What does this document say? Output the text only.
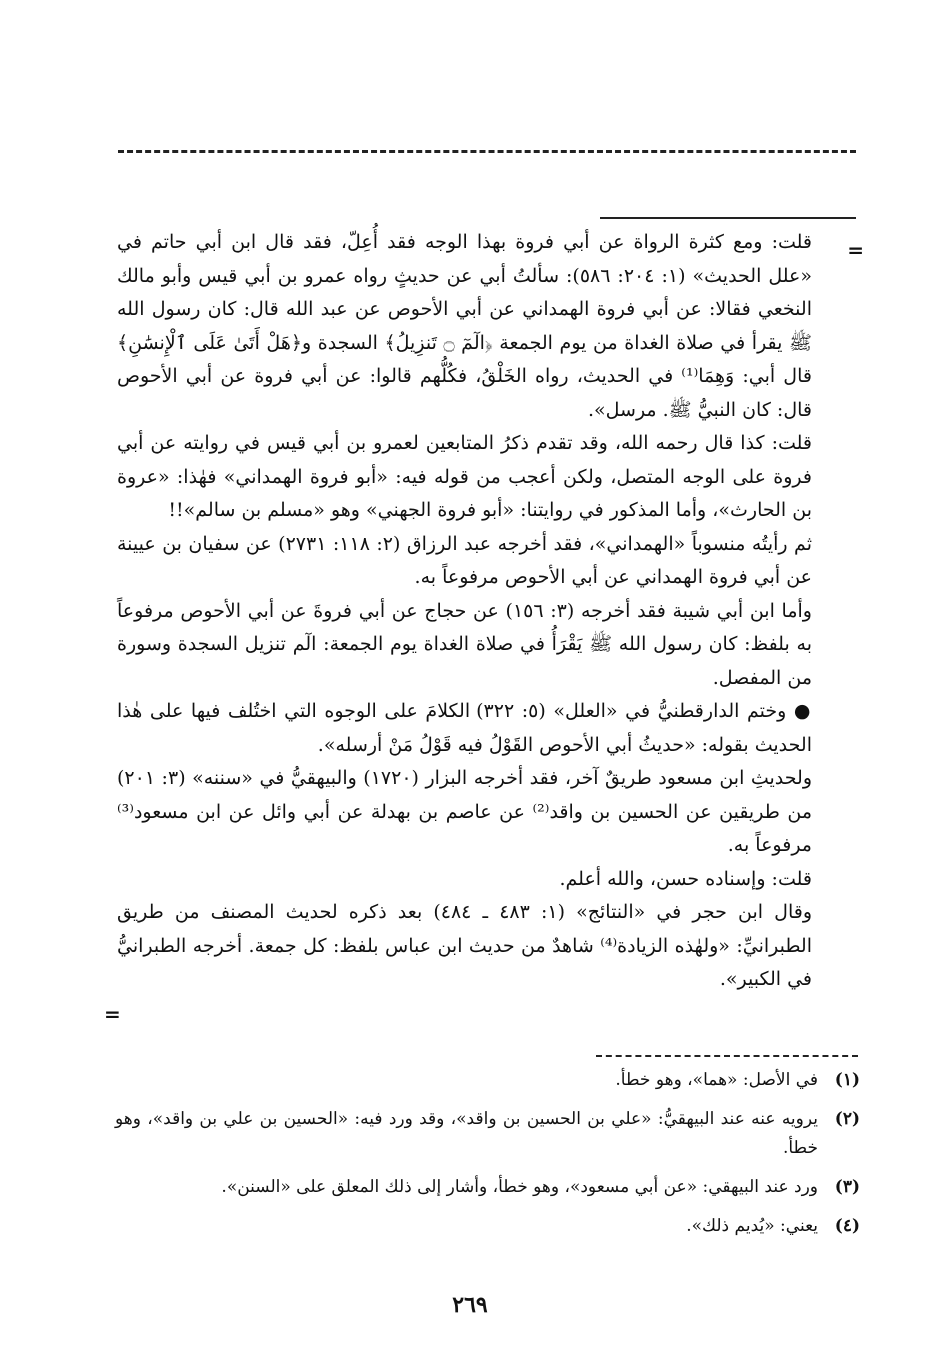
=

قلت: ومع كثرة الرواة عن أبي فروة بهذا الوجه فقد أُعِلّ، فقد قال ابن أبي حاتم في «علل الحديث» (١: ٢٠٤: ٥٨٦): سألتُ أبي عن حديثٍ رواه عمرو بن أبي قيس وأبو مالك النخعي فقالا: عن أبي فروة الهمداني عن أبي الأحوص عن عبد الله قال: كان رسول الله ﷺ يقرأ في صلاة الغداة من يوم الجمعة ﴿الٓمٓ ۝ تَنزِيلُ﴾ السجدة و﴿هَلْ أَتَىٰ عَلَى ٱلْإِنسَٰنِ﴾ قال أبي: وَهِمَا⁽¹⁾ في الحديث، رواه الخَلْقُ، فكُلُّهم قالوا: عن أبي فروة عن أبي الأحوص قال: كان النبيُّ ﷺ. مرسل».

قلت: كذا قال رحمه الله، وقد تقدم ذكرُ المتابعين لعمرو بن أبي قيس في روايته عن أبي فروة على الوجه المتصل، ولكن أعجب من قوله فيه: «أبو فروة الهمداني» فهٰذا: «عروة بن الحارث»، وأما المذكور في روايتنا: «أبو فروة الجهني» وهو «مسلم بن سالم»!!

ثم رأيتُه منسوباً «الهمداني»، فقد أخرجه عبد الرزاق (٢: ١١٨: ٢٧٣١) عن سفيان بن عيينة عن أبي فروة الهمداني عن أبي الأحوص مرفوعاً به.

وأما ابن أبي شيبة فقد أخرجه (٣: ١٥٦) عن حجاج عن أبي فروةَ عن أبي الأحوص مرفوعاً به بلفظ: كان رسول الله ﷺ يَقْرَأُ في صلاة الغداة يوم الجمعة: الٓم تنزيل السجدة وسورة من المفصل.

● وختم الدارقطنيُّ في «العلل» (٥: ٣٢٢) الكلامَ على الوجوه التي اختُلف فيها على هٰذا الحديث بقوله: «حديثُ أبي الأحوص القَوْلُ فيه قَوْلُ مَنْ أرسله».

ولحديثِ ابن مسعود طريقٌ آخر، فقد أخرجه البزار (١٧٢٠) والبيهقيُّ في «سننه» (٣: ٢٠١) من طريقين عن الحسين بن واقد⁽²⁾ عن عاصم بن بهدلة عن أبي وائل عن ابن مسعود⁽³⁾ مرفوعاً به.

قلت: وإسناده حسن، والله أعلم.

وقال ابن حجر في «النتائج» (١: ٤٨٣ ـ ٤٨٤) بعد ذكره لحديث المصنف من طريق الطبرانيِّ: «ولهٰذه الزيادة⁽⁴⁾ شاهدٌ من حديث ابن عباس بلفظ: كل جمعة. أخرجه الطبرانيُّ في الكبير».

=
(١)
في الأصل: «هما»، وهو خطأ.
(٢)
يرويه عنه عند البيهقيُّ: «علي بن الحسين بن واقد»، وقد ورد فيه: «الحسين بن علي بن واقد»، وهو خطأ.
(٣)
ورد عند البيهقي: «عن أبي مسعود»، وهو خطأ، وأشار إلى ذلك المعلق على «السنن».
(٤)
يعني: «يُديم ذلك».
٢٦٩
